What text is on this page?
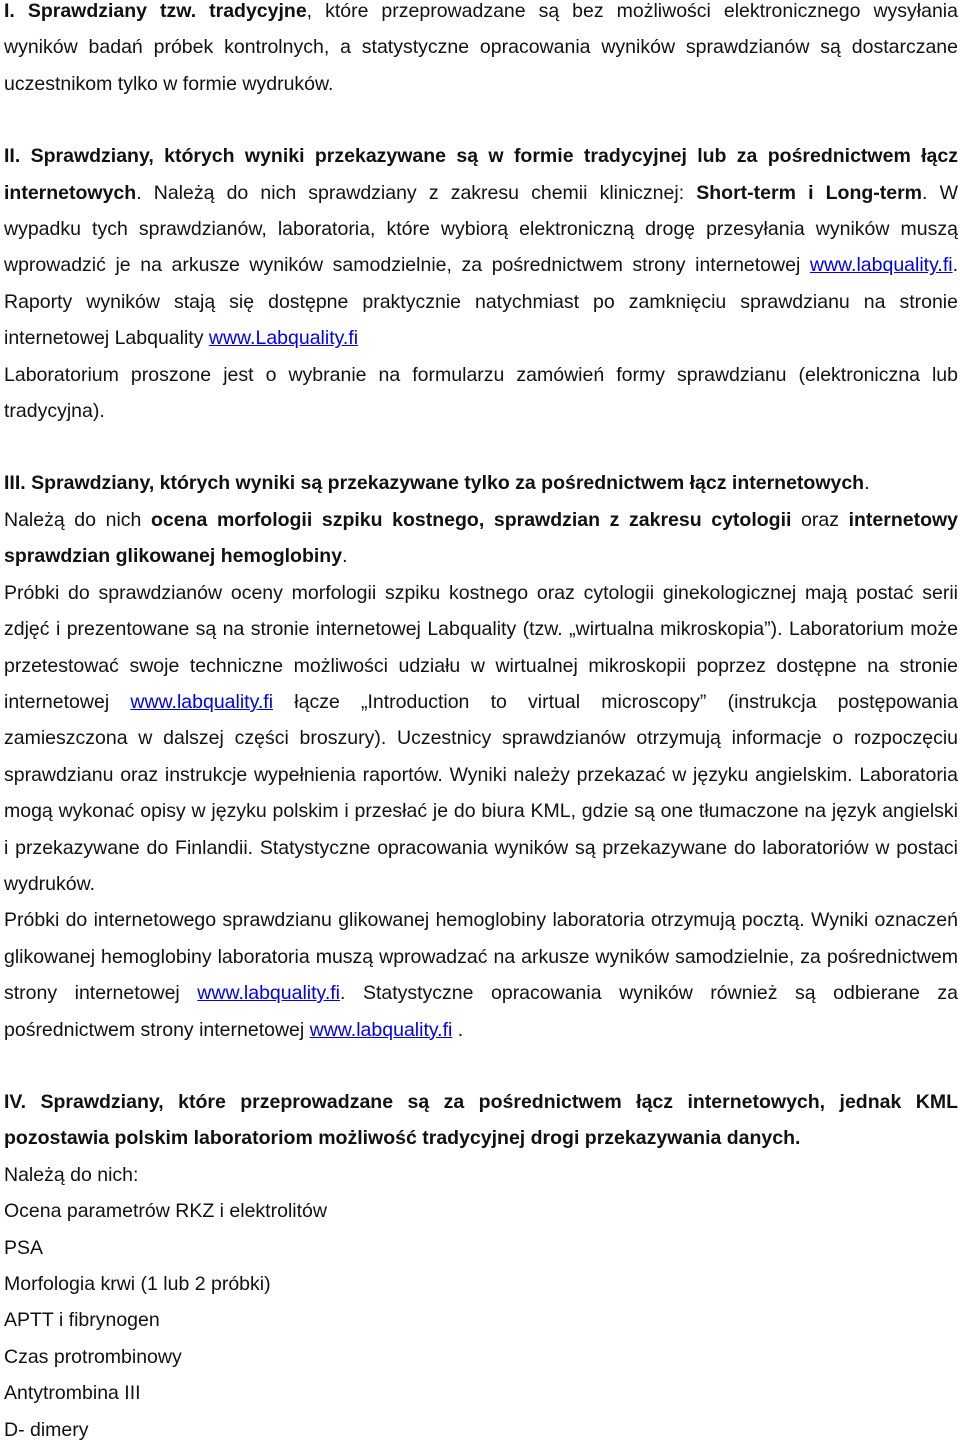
I. Sprawdziany tzw. tradycyjne, które przeprowadzane są bez możliwości elektronicznego wysyłania wyników badań próbek kontrolnych, a statystyczne opracowania wyników sprawdzianów są dostarczane uczestnikom tylko w formie wydruków.

II. Sprawdziany, których wyniki przekazywane są w formie tradycyjnej lub za pośrednictwem łącz internetowych. Należą do nich sprawdziany z zakresu chemii klinicznej: Short-term i Long-term. W wypadku tych sprawdzianów, laboratoria, które wybiorą elektroniczną drogę przesyłania wyników muszą wprowadzić je na arkusze wyników samodzielnie, za pośrednictwem strony internetowej www.labquality.fi. Raporty wyników stają się dostępne praktycznie natychmiast po zamknięciu sprawdzianu na stronie internetowej Labquality www.Labquality.fi

Laboratorium proszone jest o wybranie na formularzu zamówień formy sprawdzianu (elektroniczna lub tradycyjna).

III. Sprawdziany, których wyniki są przekazywane tylko za pośrednictwem łącz internetowych.

Należą do nich ocena morfologii szpiku kostnego, sprawdzian z zakresu cytologii oraz internetowy sprawdzian glikowanej hemoglobiny.

Próbki do sprawdzianów oceny morfologii szpiku kostnego oraz cytologii ginekologicznej mają postać serii zdjęć i prezentowane są na stronie internetowej Labquality (tzw. „wirtualna mikroskopia”). Laboratorium może przetestować swoje techniczne możliwości udziału w wirtualnej mikroskopii poprzez dostępne na stronie internetowej www.labquality.fi łącze „Introduction to virtual microscopy” (instrukcja postępowania zamieszczona w dalszej części broszury). Uczestnicy sprawdzianów otrzymują informacje o rozpoczęciu sprawdzianu oraz instrukcje wypełnienia raportów. Wyniki należy przekazać w języku angielskim. Laboratoria mogą wykonać opisy w języku polskim i przesłać je do biura KML, gdzie są one tłumaczone na język angielski i przekazywane do Finlandii. Statystyczne opracowania wyników są przekazywane do laboratoriów w postaci wydruków.

Próbki do internetowego sprawdzianu glikowanej hemoglobiny laboratoria otrzymują pocztą. Wyniki oznaczeń glikowanej hemoglobiny laboratoria muszą wprowadzać na arkusze wyników samodzielnie, za pośrednictwem strony internetowej www.labquality.fi. Statystyczne opracowania wyników również są odbierane za pośrednictwem strony internetowej www.labquality.fi .

IV. Sprawdziany, które przeprowadzane są za pośrednictwem łącz internetowych, jednak KML pozostawia polskim laboratoriom możliwość tradycyjnej drogi przekazywania danych.

Należą do nich:

Ocena parametrów RKZ i elektrolitów

PSA

Morfologia krwi (1 lub 2 próbki)

APTT i fibrynogen

Czas protrombinowy

Antytrombina III

D- dimery
